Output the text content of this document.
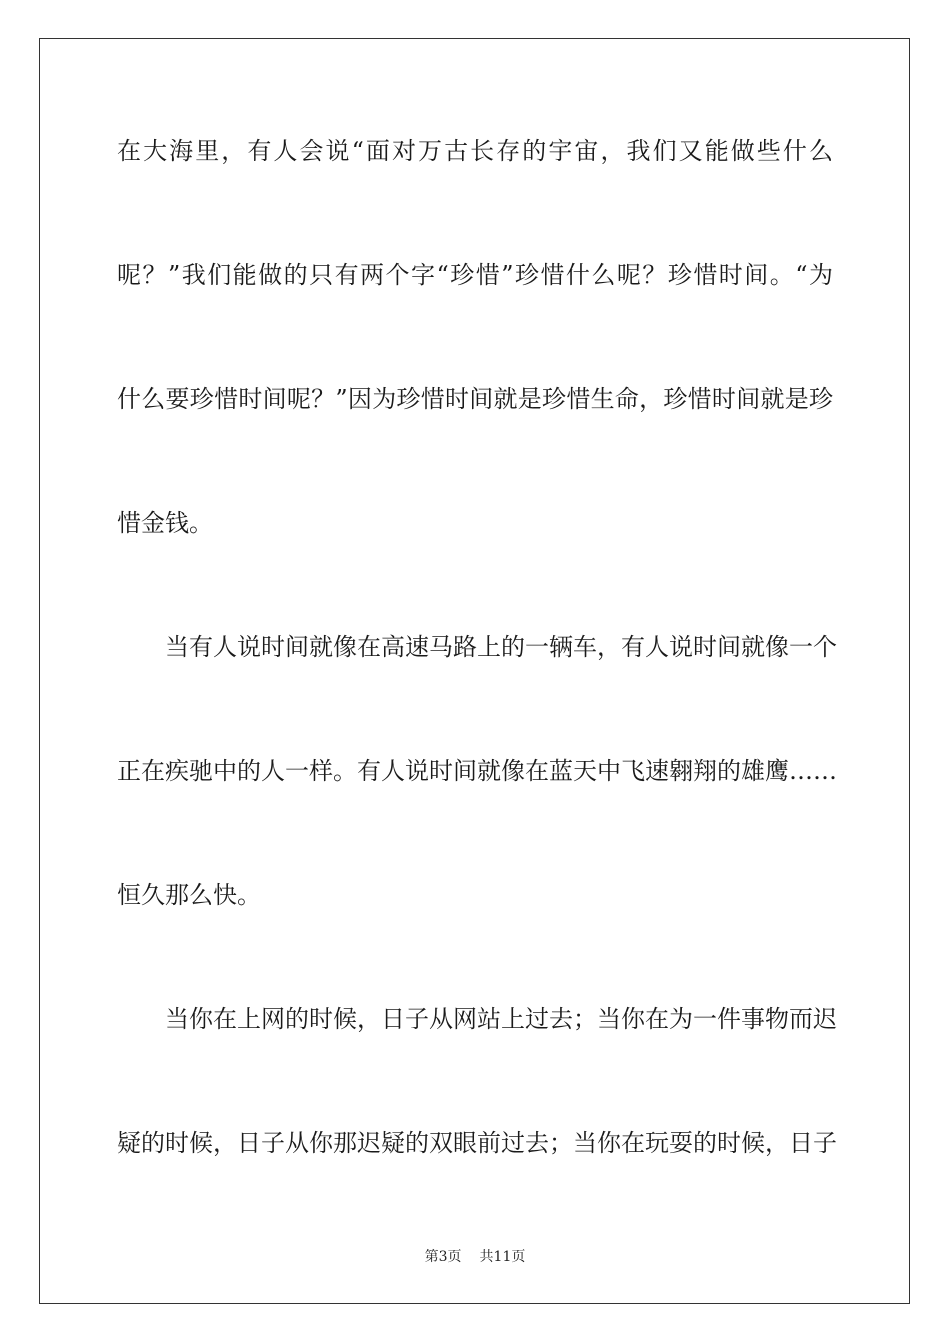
在大海里，有人会说“面对万古长存的宇宙，我们又能做些什么
呢？”我们能做的只有两个字“珍惜”珍惜什么呢？珍惜时间。“为
什么要珍惜时间呢？”因为珍惜时间就是珍惜生命，珍惜时间就是珍
惜金钱。
当有人说时间就像在高速马路上的一辆车，有人说时间就像一个
正在疾驰中的人一样。有人说时间就像在蓝天中飞速翱翔的雄鹰……
恒久那么快。
当你在上网的时候，日子从网站上过去；当你在为一件事物而迟
疑的时候，日子从你那迟疑的双眼前过去；当你在玩耍的时候，日子
第3页 共11页
